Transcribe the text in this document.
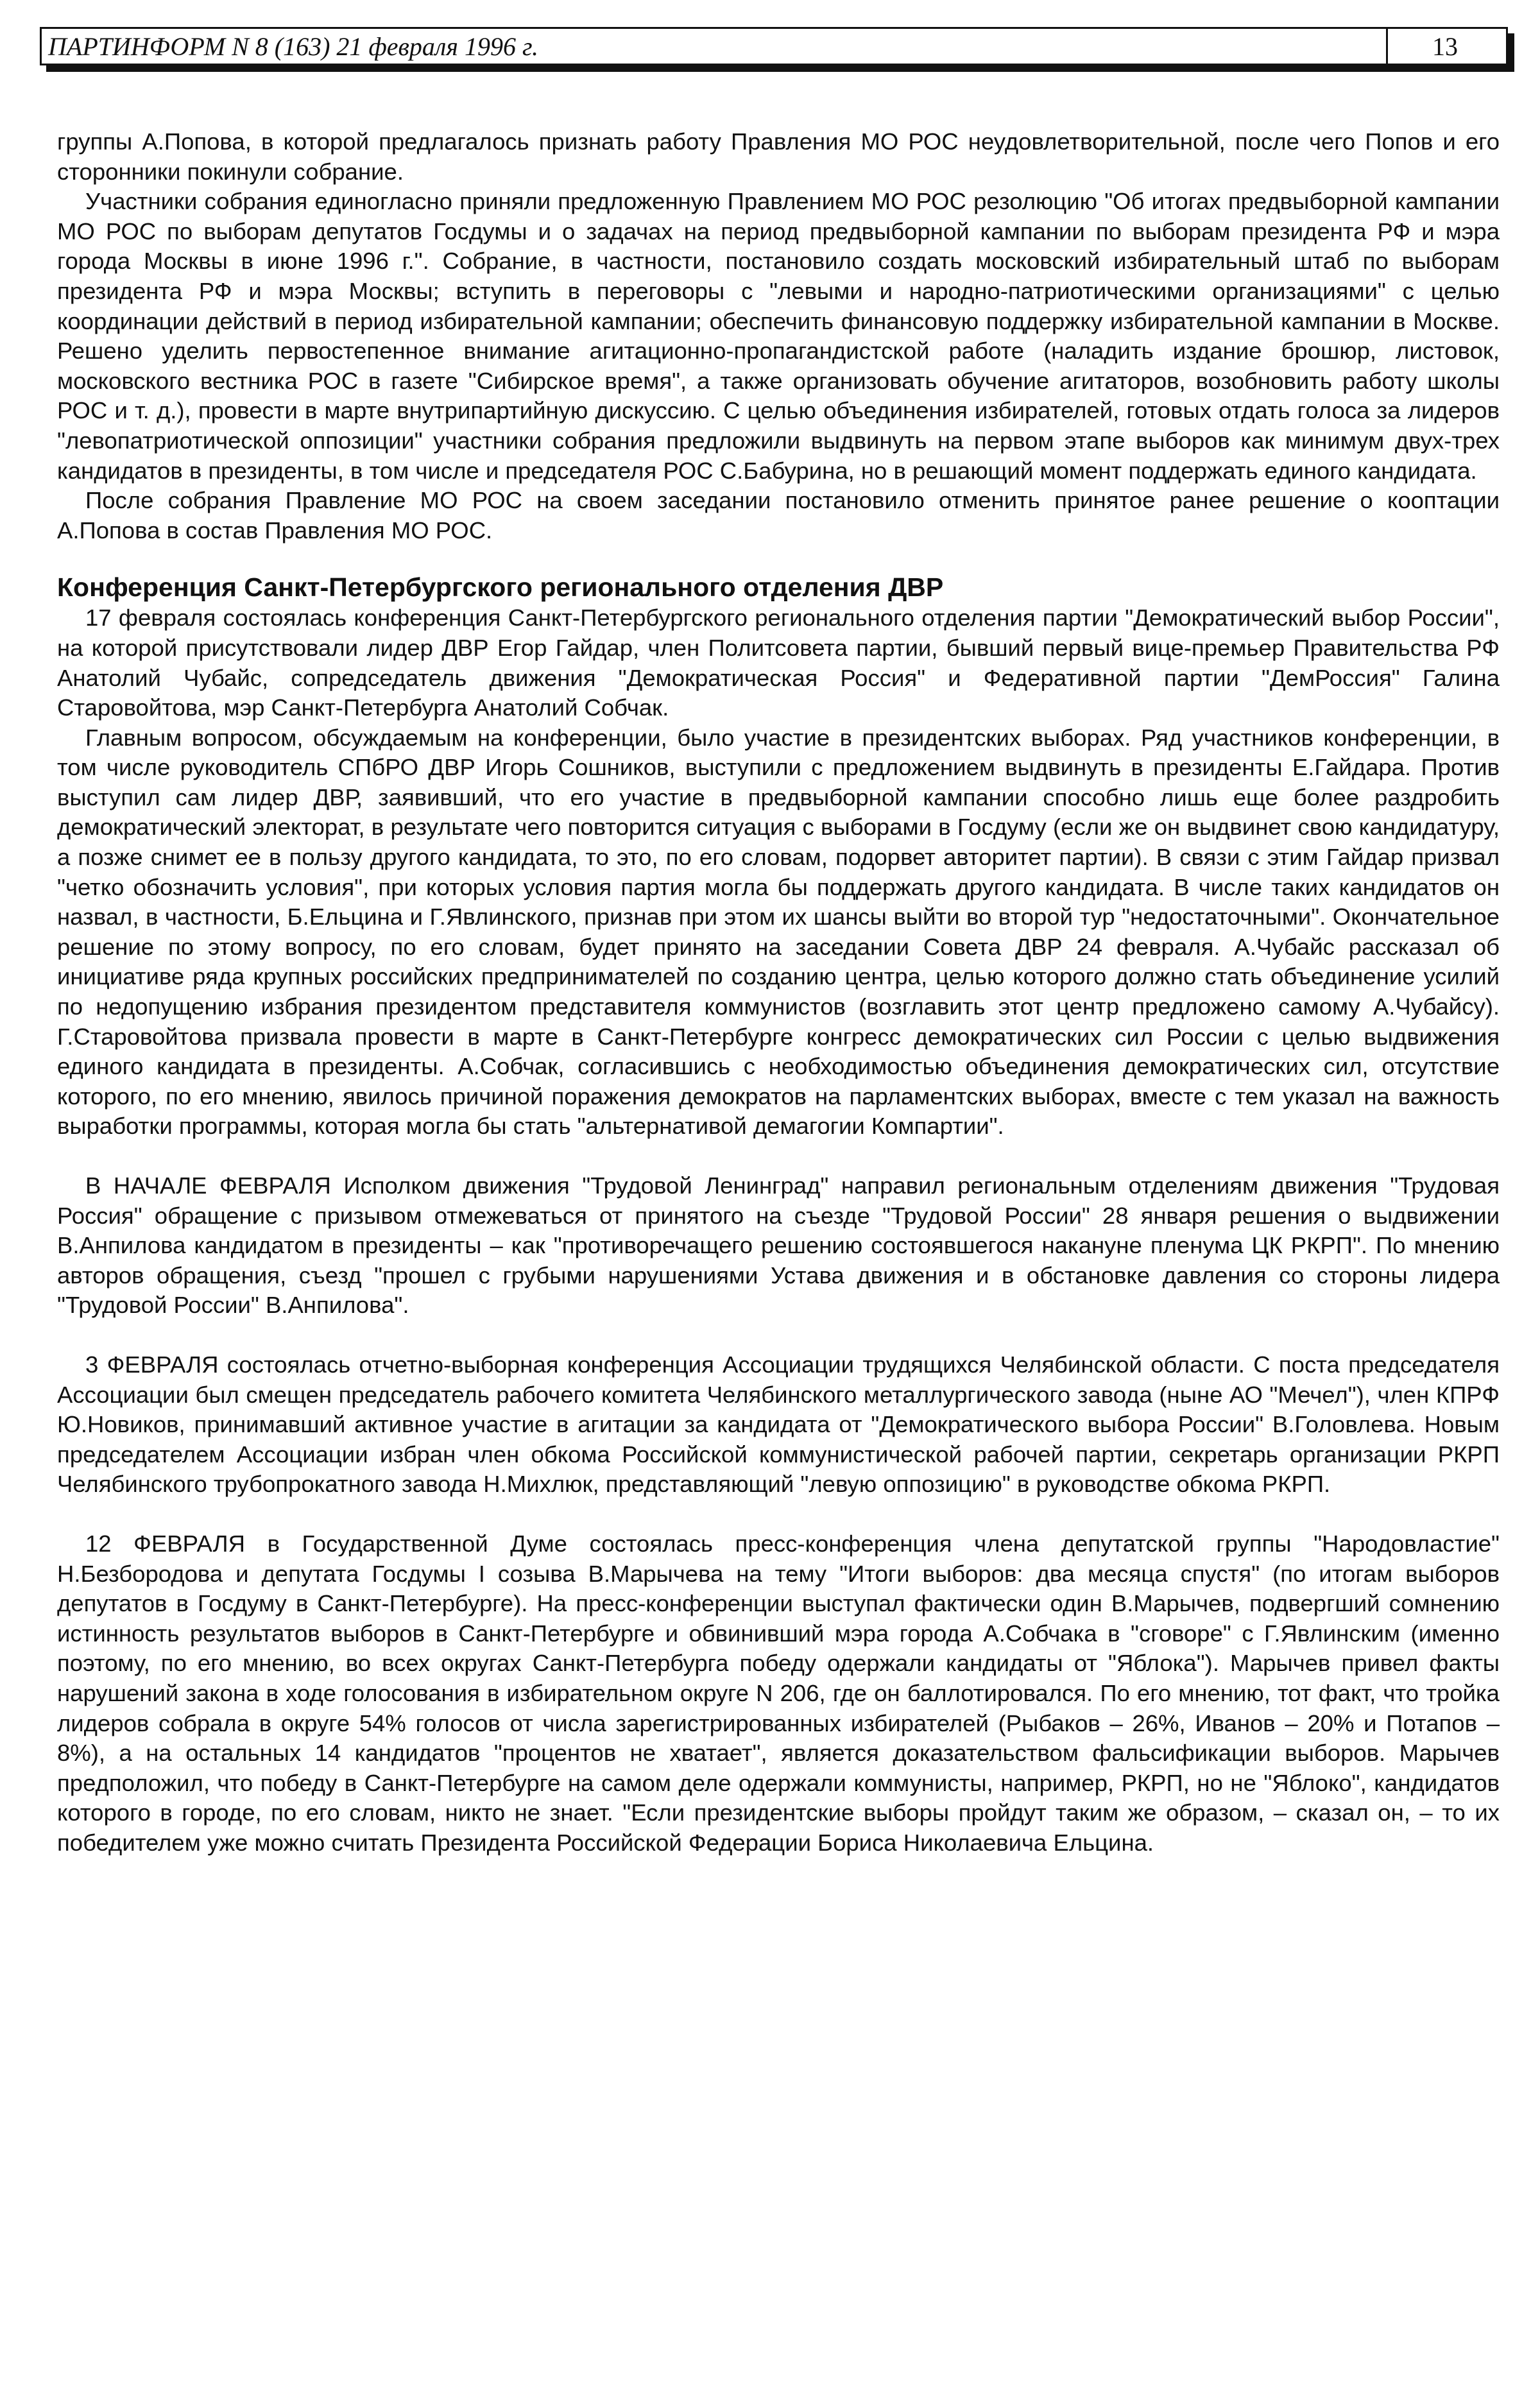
ПАРТИНФОРМ N 8 (163) 21 февраля 1996 г.	13

группы А.Попова, в которой предлагалось признать работу Правления МО РОС неудовлетворительной, после чего Попов и его сторонники покинули собрание.

Участники собрания единогласно приняли предложенную Правлением МО РОС резолюцию "Об итогах предвыборной кампании МО РОС по выборам депутатов Госдумы и о задачах на период предвыборной кампании по выборам президента РФ и мэра города Москвы в июне 1996 г.". Собрание, в частности, постановило создать московский избирательный штаб по выборам президента РФ и мэра Москвы; вступить в переговоры с "левыми и народно-патриотическими организациями" с целью координации действий в период избирательной кампании; обеспечить финансовую поддержку избирательной кампании в Москве. Решено уделить первостепенное внимание агитационно-пропагандистской работе (наладить издание брошюр, листовок, московского вестника РОС в газете "Сибирское время", а также организовать обучение агитаторов, возобновить работу школы РОС и т. д.), провести в марте внутрипартийную дискуссию. С целью объединения избирателей, готовых отдать голоса за лидеров "левопатриотической оппозиции" участники собрания предложили выдвинуть на первом этапе выборов как минимум двух-трех кандидатов в президенты, в том числе и председателя РОС С.Бабурина, но в решающий момент поддержать единого кандидата.

После собрания Правление МО РОС на своем заседании постановило отменить принятое ранее решение о кооптации А.Попова в состав Правления МО РОС.

Конференция Санкт-Петербургского регионального отделения ДВР

17 февраля состоялась конференция Санкт-Петербургского регионального отделения партии "Демократический выбор России", на которой присутствовали лидер ДВР Егор Гайдар, член Политсовета партии, бывший первый вице-премьер Правительства РФ Анатолий Чубайс, сопредседатель движения "Демократическая Россия" и Федеративной партии "ДемРоссия" Галина Старовойтова, мэр Санкт-Петербурга Анатолий Собчак.

Главным вопросом, обсуждаемым на конференции, было участие в президентских выборах. Ряд участников конференции, в том числе руководитель СПбРО ДВР Игорь Сошников, выступили с предложением выдвинуть в президенты Е.Гайдара. Против выступил сам лидер ДВР, заявивший, что его участие в предвыборной кампании способно лишь еще более раздробить демократический электорат, в результате чего повторится ситуация с выборами в Госдуму (если же он выдвинет свою кандидатуру, а позже снимет ее в пользу другого кандидата, то это, по его словам, подорвет авторитет партии). В связи с этим Гайдар призвал "четко обозначить условия", при которых условия партия могла бы поддержать другого кандидата. В числе таких кандидатов он назвал, в частности, Б.Ельцина и Г.Явлинского, признав при этом их шансы выйти во второй тур "недостаточными". Окончательное решение по этому вопросу, по его словам, будет принято на заседании Совета ДВР 24 февраля. А.Чубайс рассказал об инициативе ряда крупных российских предпринимателей по созданию центра, целью которого должно стать объединение усилий по недопущению избрания президентом представителя коммунистов (возглавить этот центр предложено самому А.Чубайсу). Г.Старовойтова призвала провести в марте в Санкт-Петербурге конгресс демократических сил России с целью выдвижения единого кандидата в президенты. А.Собчак, согласившись с необходимостью объединения демократических сил, отсутствие которого, по его мнению, явилось причиной поражения демократов на парламентских выборах, вместе с тем указал на важность выработки программы, которая могла бы стать "альтернативой демагогии Компартии".

В НАЧАЛЕ ФЕВРАЛЯ Исполком движения "Трудовой Ленинград" направил региональным отделениям движения "Трудовая Россия" обращение с призывом отмежеваться от принятого на съезде "Трудовой России" 28 января решения о выдвижении В.Анпилова кандидатом в президенты – как "противоречащего решению состоявшегося накануне пленума ЦК РКРП". По мнению авторов обращения, съезд "прошел с грубыми нарушениями Устава движения и в обстановке давления со стороны лидера "Трудовой России" В.Анпилова".

3 ФЕВРАЛЯ состоялась отчетно-выборная конференция Ассоциации трудящихся Челябинской области. С поста председателя Ассоциации был смещен председатель рабочего комитета Челябинского металлургического завода (ныне АО "Мечел"), член КПРФ Ю.Новиков, принимавший активное участие в агитации за кандидата от "Демократического выбора России" В.Головлева. Новым председателем Ассоциации избран член обкома Российской коммунистической рабочей партии, секретарь организации РКРП Челябинского трубопрокатного завода Н.Михлюк, представляющий "левую оппозицию" в руководстве обкома РКРП.

12 ФЕВРАЛЯ в Государственной Думе состоялась пресс-конференция члена депутатской группы "Народовластие" Н.Безбородова и депутата Госдумы I созыва В.Марычева на тему "Итоги выборов: два месяца спустя" (по итогам выборов депутатов в Госдуму в Санкт-Петербурге). На пресс-конференции выступал фактически один В.Марычев, подвергший сомнению истинность результатов выборов в Санкт-Петербурге и обвинивший мэра города А.Собчака в "сговоре" с Г.Явлинским (именно поэтому, по его мнению, во всех округах Санкт-Петербурга победу одержали кандидаты от "Яблока"). Марычев привел факты нарушений закона в ходе голосования в избирательном округе N 206, где он баллотировался. По его мнению, тот факт, что тройка лидеров собрала в округе 54% голосов от числа зарегистрированных избирателей (Рыбаков – 26%, Иванов – 20% и Потапов – 8%), а на остальных 14 кандидатов "процентов не хватает", является доказательством фальсификации выборов. Марычев предположил, что победу в Санкт-Петербурге на самом деле одержали коммунисты, например, РКРП, но не "Яблоко", кандидатов которого в городе, по его словам, никто не знает. "Если президентские выборы пройдут таким же образом, – сказал он, – то их победителем уже можно считать Президента Российской Федерации Бориса Николаевича Ельцина.
